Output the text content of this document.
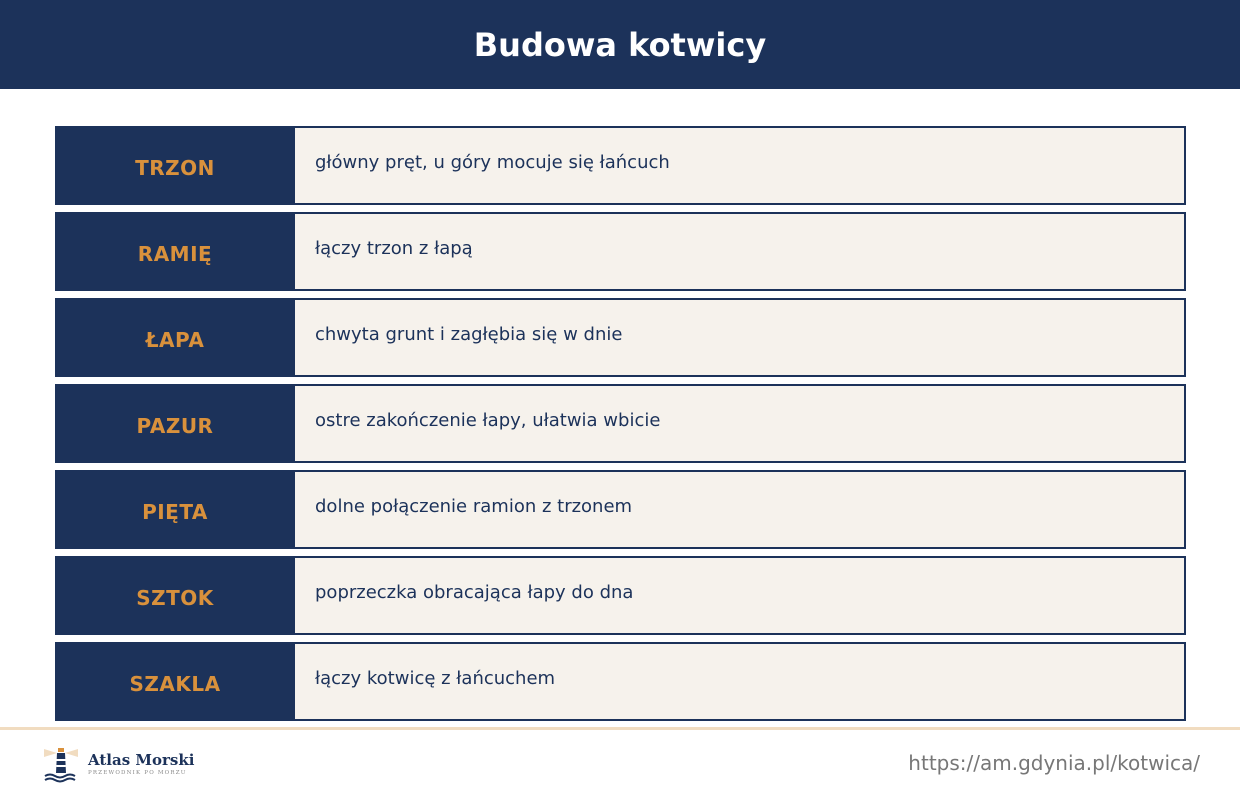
Budowa kotwicy
TRZON	główny pręt, u góry mocuje się łańcuch
RAMIĘ	łączy trzon z łapą
ŁAPA	chwyta grunt i zagłębia się w dnie
PAZUR	ostre zakończenie łapy, ułatwia wbicie
PIĘTA	dolne połączenie ramion z trzonem
SZTOK	poprzeczka obracająca łapy do dna
SZAKLA	łączy kotwicę z łańcuchem
Atlas Morski
PRZEWODNIK PO MORZU	https://am.gdynia.pl/kotwica/
